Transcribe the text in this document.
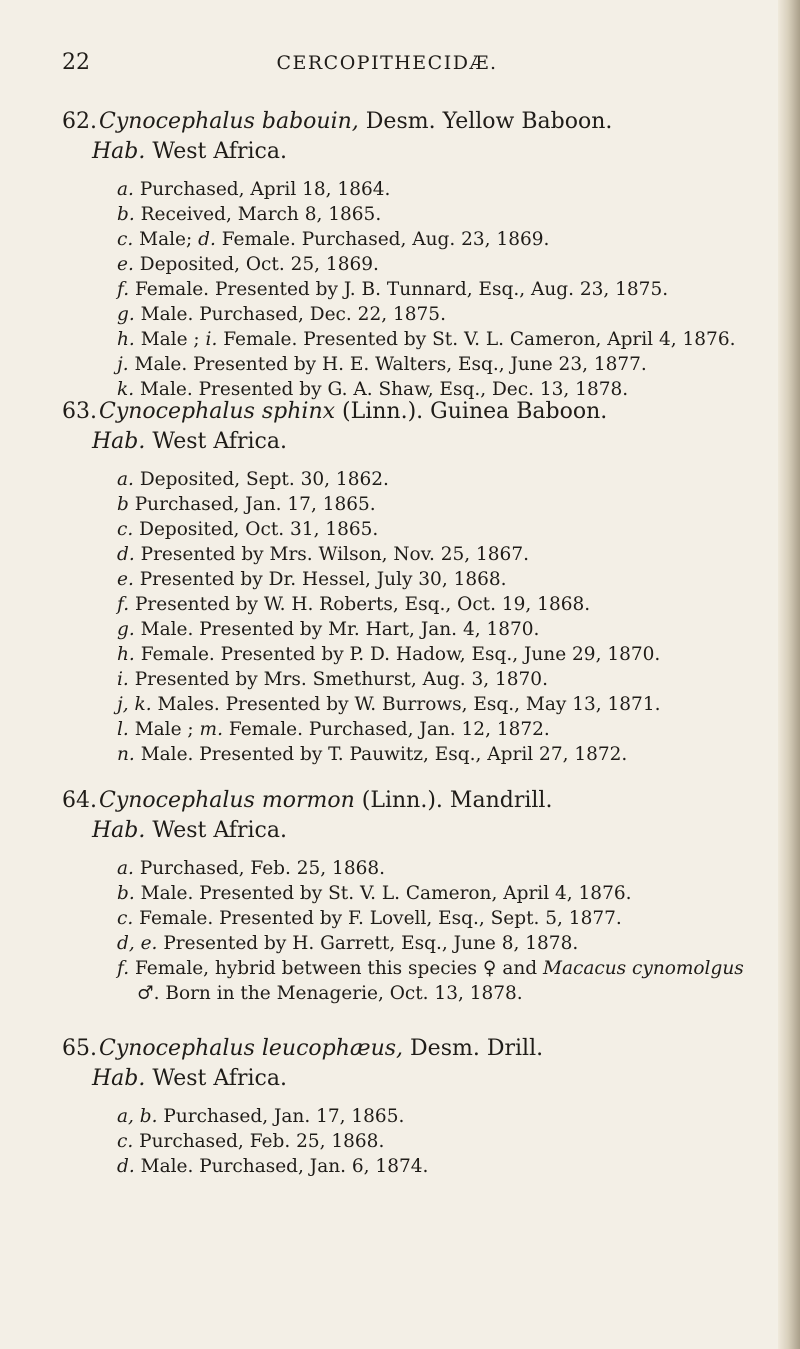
22	CERCOPITHECIDÆ.
62. Cynocephalus babouin, Desm. Yellow Baboon.
Hab. West Africa.
a. Purchased, April 18, 1864.
b. Received, March 8, 1865.
c. Male; d. Female. Purchased, Aug. 23, 1869.
e. Deposited, Oct. 25, 1869.
f. Female. Presented by J. B. Tunnard, Esq., Aug. 23, 1875.
g. Male. Purchased, Dec. 22, 1875.
h. Male ; i. Female. Presented by St. V. L. Cameron, April 4, 1876.
j. Male. Presented by H. E. Walters, Esq., June 23, 1877.
k. Male. Presented by G. A. Shaw, Esq., Dec. 13, 1878.
63. Cynocephalus sphinx (Linn.). Guinea Baboon.
Hab. West Africa.
a. Deposited, Sept. 30, 1862.
b Purchased, Jan. 17, 1865.
c. Deposited, Oct. 31, 1865.
d. Presented by Mrs. Wilson, Nov. 25, 1867.
e. Presented by Dr. Hessel, July 30, 1868.
f. Presented by W. H. Roberts, Esq., Oct. 19, 1868.
g. Male. Presented by Mr. Hart, Jan. 4, 1870.
h. Female. Presented by P. D. Hadow, Esq., June 29, 1870.
i. Presented by Mrs. Smethurst, Aug. 3, 1870.
j, k. Males. Presented by W. Burrows, Esq., May 13, 1871.
l. Male ; m. Female. Purchased, Jan. 12, 1872.
n. Male. Presented by T. Pauwitz, Esq., April 27, 1872.
64. Cynocephalus mormon (Linn.). Mandrill.
Hab. West Africa.
a. Purchased, Feb. 25, 1868.
b. Male. Presented by St. V. L. Cameron, April 4, 1876.
c. Female. Presented by F. Lovell, Esq., Sept. 5, 1877.
d, e. Presented by H. Garrett, Esq., June 8, 1878.
f. Female, hybrid between this species ♀ and Macacus cynomolgus ♂. Born in the Menagerie, Oct. 13, 1878.
65. Cynocephalus leucophæus, Desm. Drill.
Hab. West Africa.
a, b. Purchased, Jan. 17, 1865.
c. Purchased, Feb. 25, 1868.
d. Male. Purchased, Jan. 6, 1874.
